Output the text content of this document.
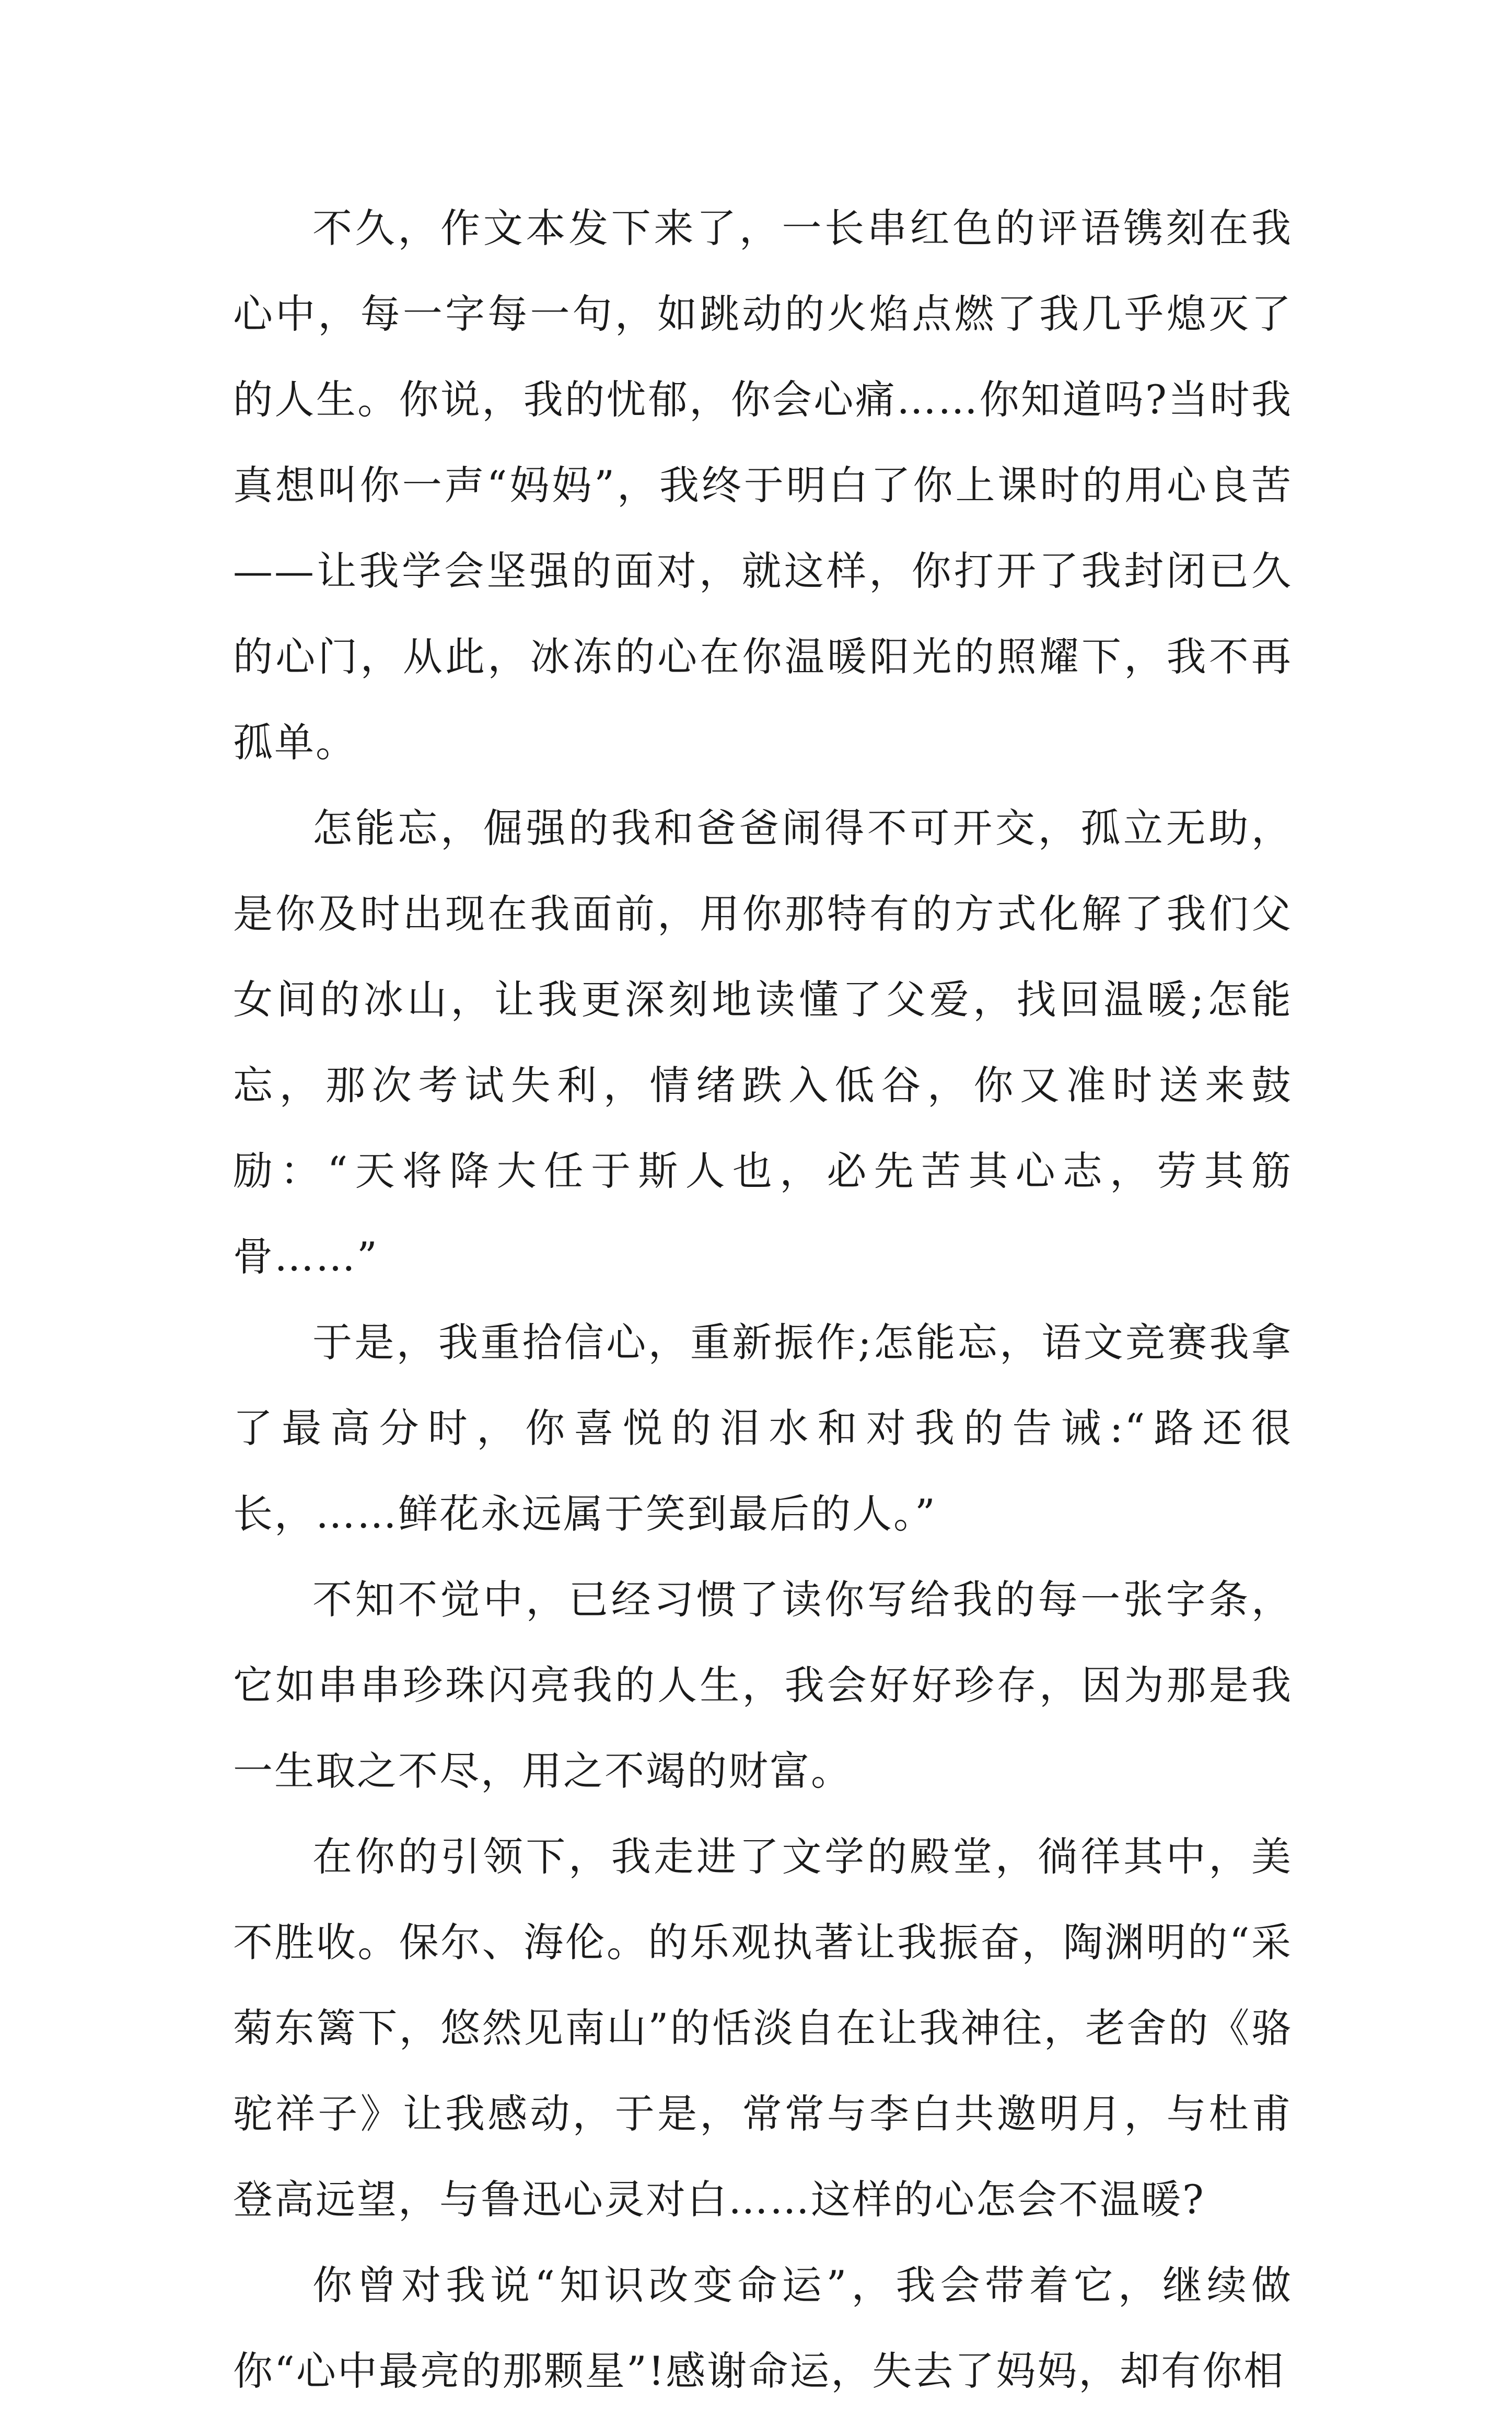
不久，作文本发下来了，一长串红色的评语镌刻在我心中，每一字每一句，如跳动的火焰点燃了我几乎熄灭了的人生。你说，我的忧郁，你会心痛……你知道吗?当时我真想叫你一声“妈妈”，我终于明白了你上课时的用心良苦——让我学会坚强的面对，就这样，你打开了我封闭已久的心门，从此，冰冻的心在你温暖阳光的照耀下，我不再孤单。

怎能忘，倔强的我和爸爸闹得不可开交，孤立无助，是你及时出现在我面前，用你那特有的方式化解了我们父女间的冰山，让我更深刻地读懂了父爱，找回温暖;怎能忘，那次考试失利，情绪跌入低谷，你又准时送来鼓励：“天将降大任于斯人也，必先苦其心志，劳其筋骨……”

于是，我重拾信心，重新振作;怎能忘，语文竞赛我拿了最高分时，你喜悦的泪水和对我的告诫:“路还很长，……鲜花永远属于笑到最后的人。”

不知不觉中，已经习惯了读你写给我的每一张字条，它如串串珍珠闪亮我的人生，我会好好珍存，因为那是我一生取之不尽，用之不竭的财富。

在你的引领下，我走进了文学的殿堂，徜徉其中，美不胜收。保尔、海伦。的乐观执著让我振奋，陶渊明的“采菊东篱下，悠然见南山”的恬淡自在让我神往，老舍的《骆驼祥子》让我感动，于是，常常与李白共邀明月，与杜甫登高远望，与鲁迅心灵对白……这样的心怎会不温暖?

你曾对我说“知识改变命运”，我会带着它，继续做你“心中最亮的那颗星”!感谢命运，失去了妈妈，却有你相
